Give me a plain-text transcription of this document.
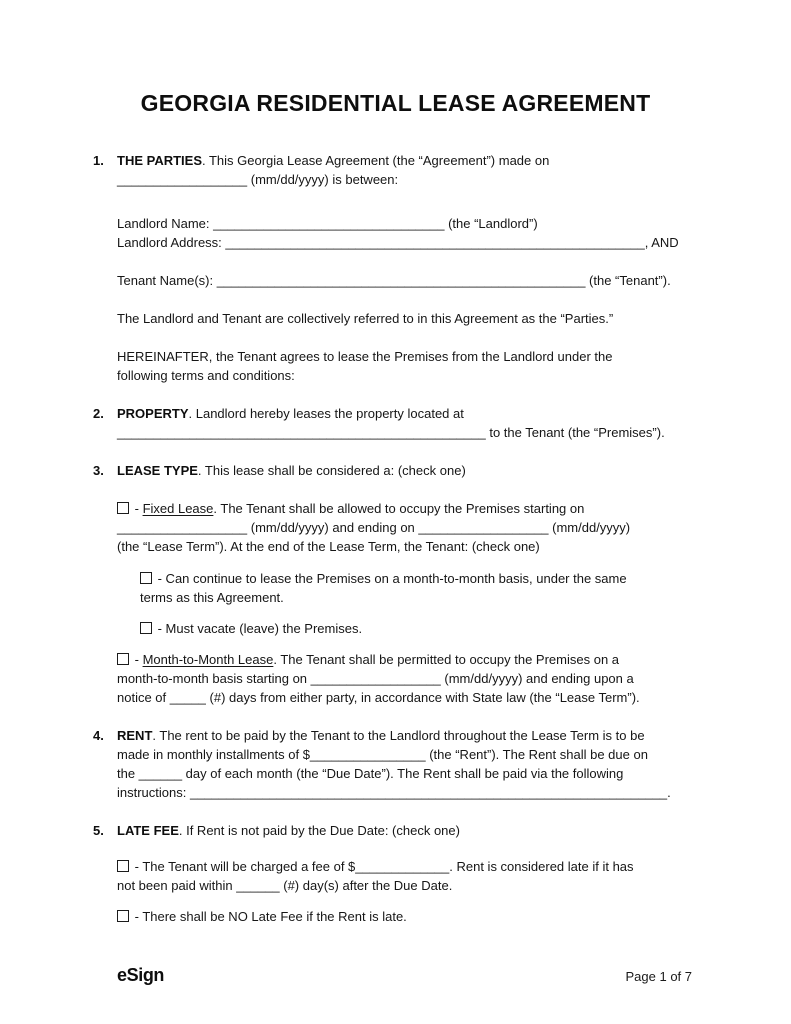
GEORGIA RESIDENTIAL LEASE AGREEMENT
1. THE PARTIES. This Georgia Lease Agreement (the “Agreement”) made on
__________________ (mm/dd/yyyy) is between:
Landlord Name: ________________________________ (the “Landlord”)
Landlord Address: __________________________________________________________, AND
Tenant Name(s): ___________________________________________________ (the “Tenant”).
The Landlord and Tenant are collectively referred to in this Agreement as the “Parties.”
HEREINAFTER, the Tenant agrees to lease the Premises from the Landlord under the
following terms and conditions:
2. PROPERTY. Landlord hereby leases the property located at
___________________________________________________ to the Tenant (the “Premises”).
3. LEASE TYPE. This lease shall be considered a: (check one)
- Fixed Lease. The Tenant shall be allowed to occupy the Premises starting on
__________________ (mm/dd/yyyy) and ending on __________________ (mm/dd/yyyy)
(the “Lease Term”). At the end of the Lease Term, the Tenant: (check one)
- Can continue to lease the Premises on a month-to-month basis, under the same
terms as this Agreement.
- Must vacate (leave) the Premises.
- Month-to-Month Lease. The Tenant shall be permitted to occupy the Premises on a
month-to-month basis starting on __________________ (mm/dd/yyyy) and ending upon a
notice of _____ (#) days from either party, in accordance with State law (the “Lease Term”).
4. RENT. The rent to be paid by the Tenant to the Landlord throughout the Lease Term is to be
made in monthly installments of $________________ (the “Rent”). The Rent shall be due on
the ______ day of each month (the “Due Date”). The Rent shall be paid via the following
instructions: __________________________________________________________________.
5. LATE FEE. If Rent is not paid by the Due Date: (check one)
- The Tenant will be charged a fee of $_____________. Rent is considered late if it has
not been paid within ______ (#) day(s) after the Due Date.
- There shall be NO Late Fee if the Rent is late.
eSign	Page 1 of 7
